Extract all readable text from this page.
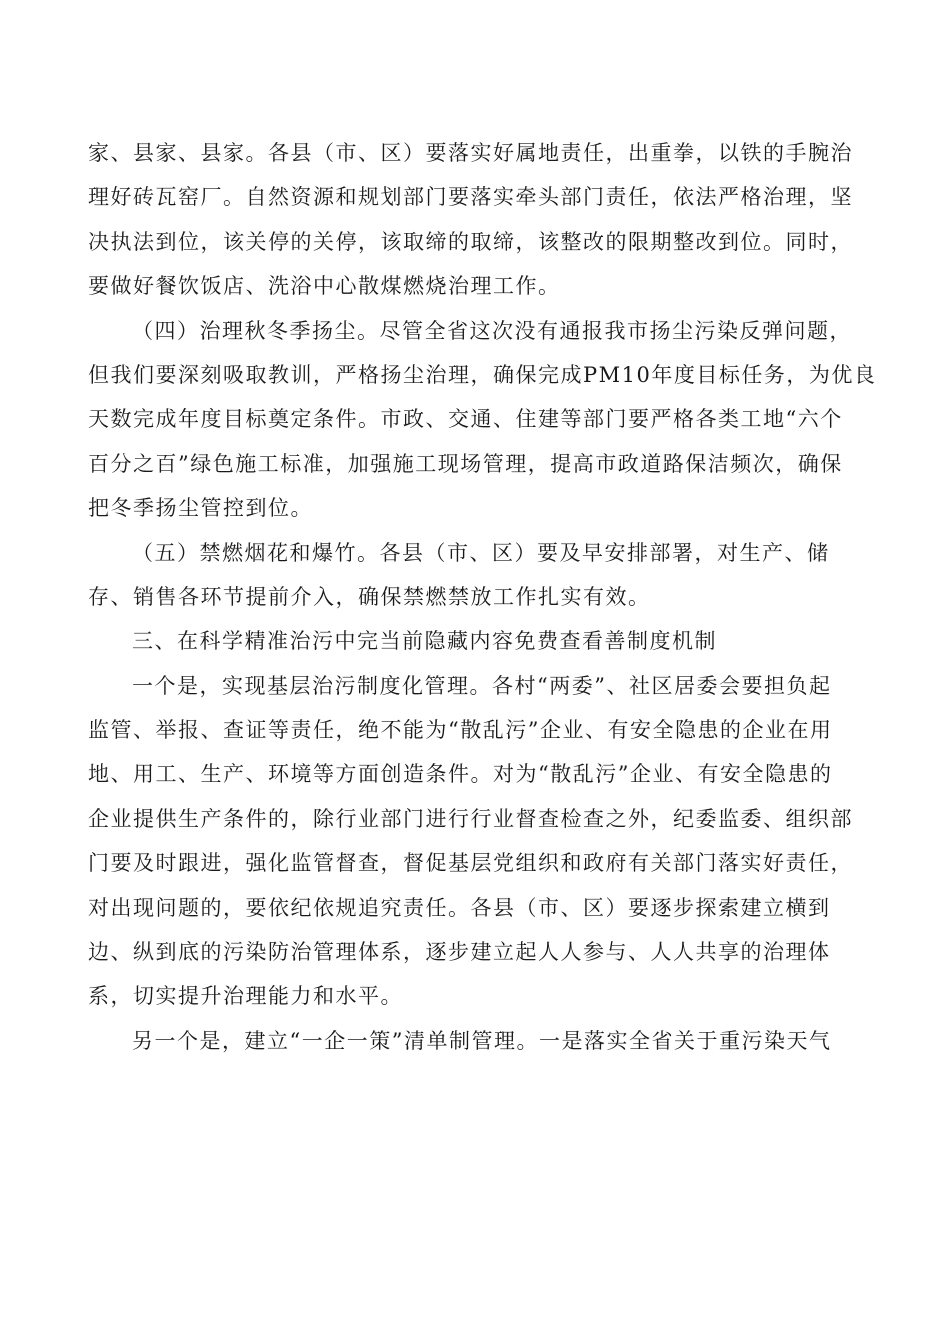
家、县家、县家。各县（市、区）要落实好属地责任，出重拳，以铁的手腕治
理好砖瓦窑厂。自然资源和规划部门要落实牵头部门责任，依法严格治理，坚
决执法到位，该关停的关停，该取缔的取缔，该整改的限期整改到位。同时，
要做好餐饮饭店、洗浴中心散煤燃烧治理工作。
（四）治理秋冬季扬尘。尽管全省这次没有通报我市扬尘污染反弹问题，
但我们要深刻吸取教训，严格扬尘治理，确保完成PM10年度目标任务，为优良
天数完成年度目标奠定条件。市政、交通、住建等部门要严格各类工地“六个
百分之百”绿色施工标准，加强施工现场管理，提高市政道路保洁频次，确保
把冬季扬尘管控到位。
（五）禁燃烟花和爆竹。各县（市、区）要及早安排部署，对生产、储
存、销售各环节提前介入，确保禁燃禁放工作扎实有效。
三、在科学精准治污中完当前隐藏内容免费查看善制度机制
一个是，实现基层治污制度化管理。各村“两委”、社区居委会要担负起
监管、举报、查证等责任，绝不能为“散乱污”企业、有安全隐患的企业在用
地、用工、生产、环境等方面创造条件。对为“散乱污”企业、有安全隐患的
企业提供生产条件的，除行业部门进行行业督查检查之外，纪委监委、组织部
门要及时跟进，强化监管督查，督促基层党组织和政府有关部门落实好责任，
对出现问题的，要依纪依规追究责任。各县（市、区）要逐步探索建立横到
边、纵到底的污染防治管理体系，逐步建立起人人参与、人人共享的治理体
系，切实提升治理能力和水平。
另一个是，建立“一企一策”清单制管理。一是落实全省关于重污染天气
